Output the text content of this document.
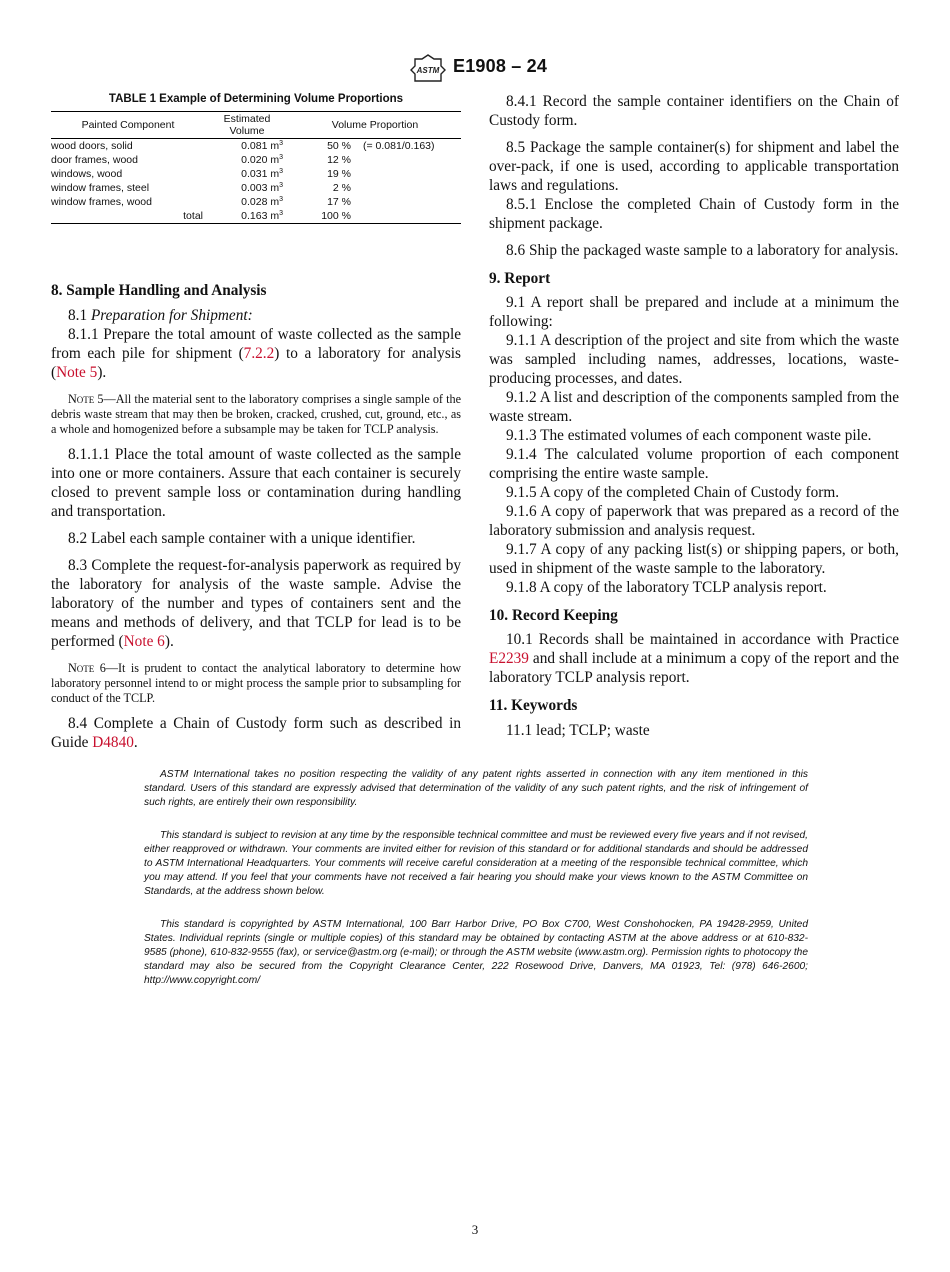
ASTM E1908 – 24
TABLE 1 Example of Determining Volume Proportions
Painted Component	Estimated Volume	Volume Proportion	
wood doors, solid	0.081 $m^3$	50 %	(= 0.081/0.163)
door frames, wood	0.020 $m^3$	12 %	
windows, wood	0.031 $m^3$	19 %	
window frames, steel	0.003 $m^3$	2 %	
window frames, wood	0.028 $m^3$	17 %	
total	0.163 $m^3$	100 %	
8. Sample Handling and Analysis

8.1 Preparation for Shipment:

8.1.1 Prepare the total amount of waste collected as the sample from each pile for shipment (7.2.2) to a laboratory for analysis (Note 5).

Note 5—All the material sent to the laboratory comprises a single sample of the debris waste stream that may then be broken, cracked, crushed, cut, ground, etc., as a whole and homogenized before a subsample may be taken for TCLP analysis.

8.1.1.1 Place the total amount of waste collected as the sample into one or more containers. Assure that each container is securely closed to prevent sample loss or contamination during handling and transportation.

8.2 Label each sample container with a unique identifier.

8.3 Complete the request-for-analysis paperwork as required by the laboratory for analysis of the waste sample. Advise the laboratory of the number and types of containers sent and the means and methods of delivery, and that TCLP for lead is to be performed (Note 6).

Note 6—It is prudent to contact the analytical laboratory to determine how laboratory personnel intend to or might process the sample prior to subsampling for conduct of the TCLP.

8.4 Complete a Chain of Custody form such as described in Guide D4840.

8.4.1 Record the sample container identifiers on the Chain of Custody form.

8.5 Package the sample container(s) for shipment and label the over-pack, if one is used, according to applicable transportation laws and regulations.

8.5.1 Enclose the completed Chain of Custody form in the shipment package.

8.6 Ship the packaged waste sample to a laboratory for analysis.

9. Report

9.1 A report shall be prepared and include at a minimum the following:

9.1.1 A description of the project and site from which the waste was sampled including names, addresses, locations, waste-producing processes, and dates.

9.1.2 A list and description of the components sampled from the waste stream.

9.1.3 The estimated volumes of each component waste pile.

9.1.4 The calculated volume proportion of each component comprising the entire waste sample.

9.1.5 A copy of the completed Chain of Custody form.

9.1.6 A copy of paperwork that was prepared as a record of the laboratory submission and analysis request.

9.1.7 A copy of any packing list(s) or shipping papers, or both, used in shipment of the waste sample to the laboratory.

9.1.8 A copy of the laboratory TCLP analysis report.

10. Record Keeping

10.1 Records shall be maintained in accordance with Practice E2239 and shall include at a minimum a copy of the report and the laboratory TCLP analysis report.

11. Keywords

11.1 lead; TCLP; waste

ASTM International takes no position respecting the validity of any patent rights asserted in connection with any item mentioned in this standard. Users of this standard are expressly advised that determination of the validity of any such patent rights, and the risk of infringement of such rights, are entirely their own responsibility.

This standard is subject to revision at any time by the responsible technical committee and must be reviewed every five years and if not revised, either reapproved or withdrawn. Your comments are invited either for revision of this standard or for additional standards and should be addressed to ASTM International Headquarters. Your comments will receive careful consideration at a meeting of the responsible technical committee, which you may attend. If you feel that your comments have not received a fair hearing you should make your views known to the ASTM Committee on Standards, at the address shown below.

This standard is copyrighted by ASTM International, 100 Barr Harbor Drive, PO Box C700, West Conshohocken, PA 19428-2959, United States. Individual reprints (single or multiple copies) of this standard may be obtained by contacting ASTM at the above address or at 610-832-9585 (phone), 610-832-9555 (fax), or service@astm.org (e-mail); or through the ASTM website (www.astm.org). Permission rights to photocopy the standard may also be secured from the Copyright Clearance Center, 222 Rosewood Drive, Danvers, MA 01923, Tel: (978) 646-2600; http://www.copyright.com/

3
